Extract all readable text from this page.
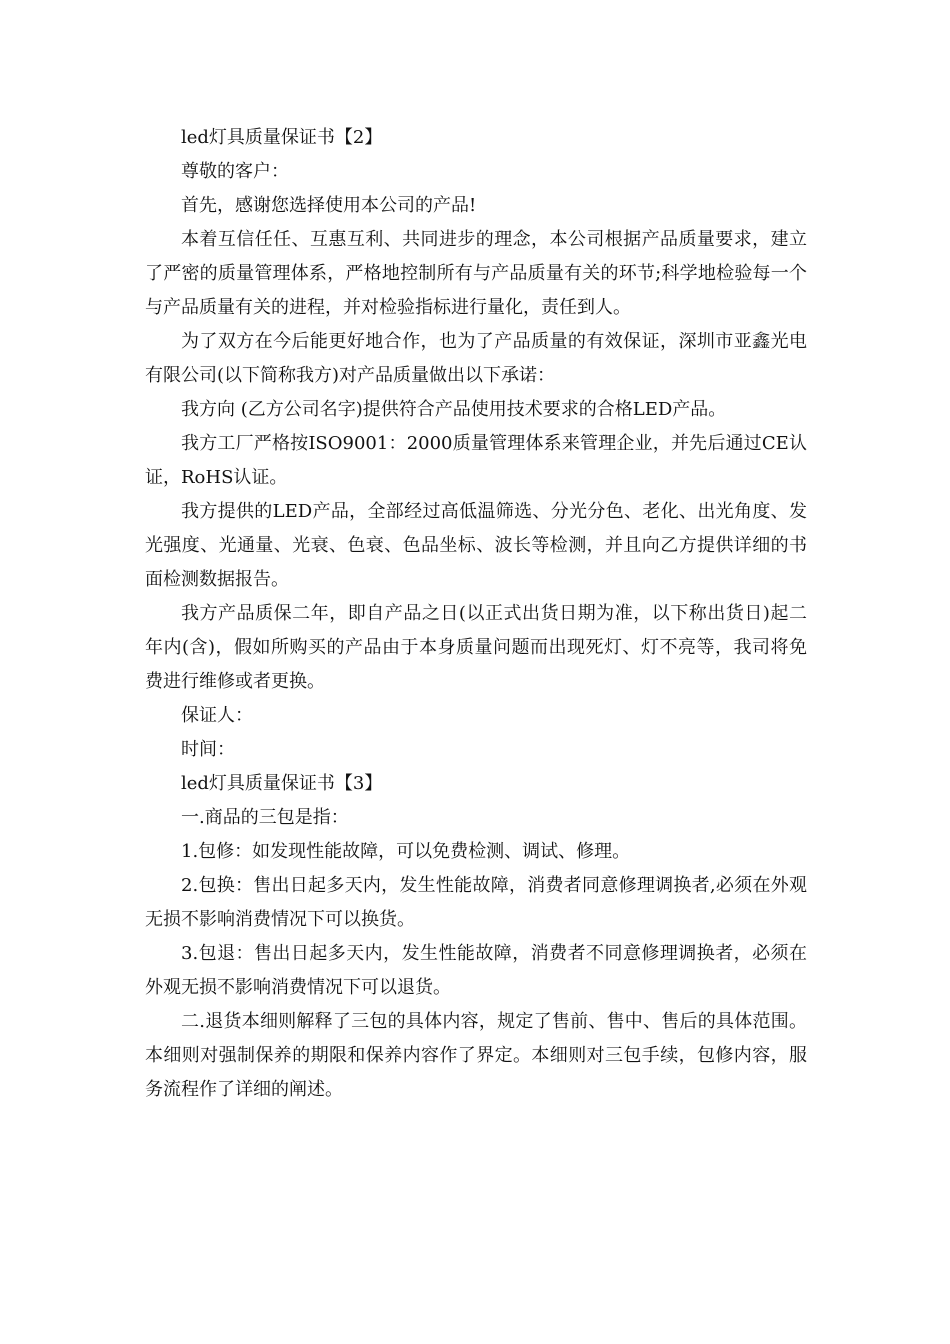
led灯具质量保证书【2】

尊敬的客户：

首先，感谢您选择使用本公司的产品!

本着互信任任、互惠互利、共同进步的理念，本公司根据产品质量要求，建立了严密的质量管理体系，严格地控制所有与产品质量有关的环节;科学地检验每一个与产品质量有关的进程，并对检验指标进行量化，责任到人。

为了双方在今后能更好地合作，也为了产品质量的有效保证，深圳市亚鑫光电有限公司(以下简称我方)对产品质量做出以下承诺：

我方向 (乙方公司名字)提供符合产品使用技术要求的合格LED产品。

我方工厂严格按ISO9001：2000质量管理体系来管理企业，并先后通过CE认证，RoHS认证。

我方提供的LED产品，全部经过高低温筛选、分光分色、老化、出光角度、发光强度、光通量、光衰、色衰、色品坐标、波长等检测，并且向乙方提供详细的书面检测数据报告。

我方产品质保二年，即自产品之日(以正式出货日期为准，以下称出货日)起二年内(含)，假如所购买的产品由于本身质量问题而出现死灯、灯不亮等，我司将免费进行维修或者更换。

保证人：

时间：

led灯具质量保证书【3】

一.商品的三包是指：

1.包修：如发现性能故障，可以免费检测、调试、修理。

2.包换：售出日起多天内，发生性能故障，消费者同意修理调换者,必须在外观无损不影响消费情况下可以换货。

3.包退：售出日起多天内，发生性能故障，消费者不同意修理调换者，必须在外观无损不影响消费情况下可以退货。

二.退货本细则解释了三包的具体内容，规定了售前、售中、售后的具体范围。本细则对强制保养的期限和保养内容作了界定。本细则对三包手续，包修内容，服务流程作了详细的阐述。
